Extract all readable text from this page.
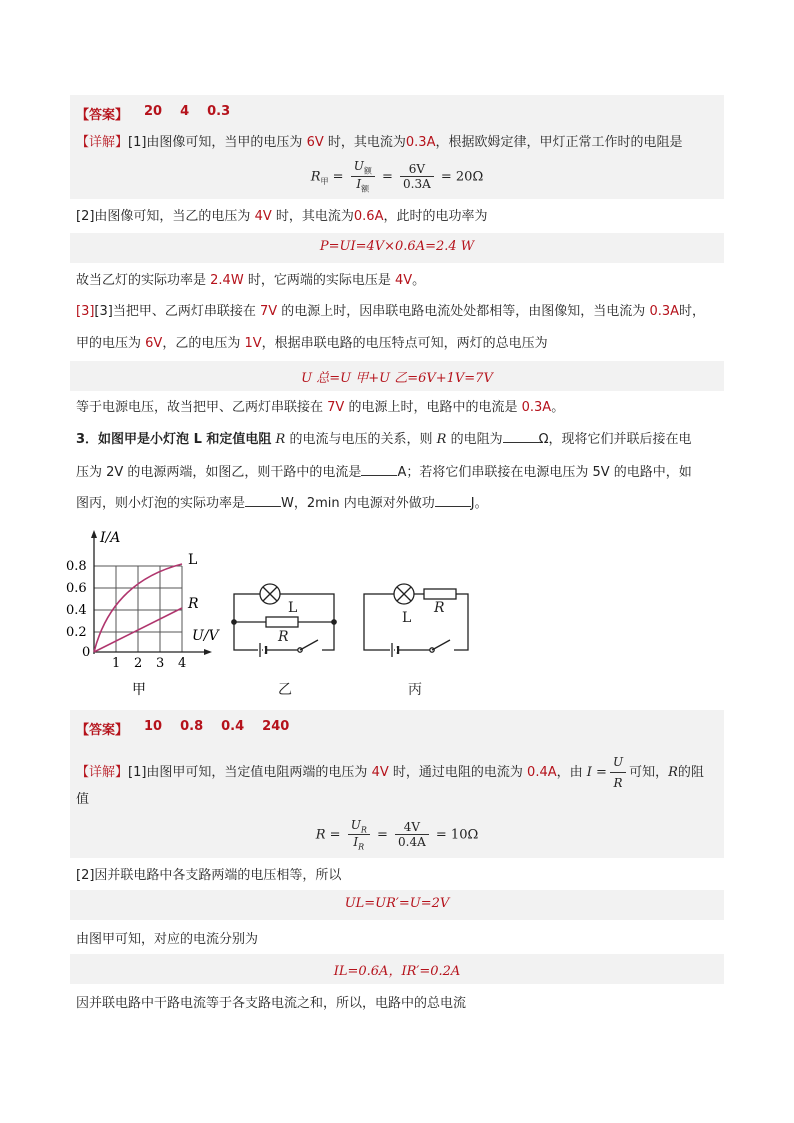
【答案】 20 4 0.3
【详解】[1]由图像可知，当甲的电压为 6V 时，其电流为0.3A，根据欧姆定律，甲灯正常工作时的电阻是
$R_甲 = \frac{U_额}{I_额} = \frac{6V}{0.3A} = 20\Omega$
[2]由图像可知，当乙的电压为 4V 时，其电流为0.6A，此时的电功率为
P=UI=4V×0.6A=2.4 W
故当乙灯的实际功率是 2.4W 时，它两端的实际电压是 4V。
[3][3]当把甲、乙两灯串联接在 7V 的电源上时，因串联电路电流处处都相等，由图像知，当电流为 0.3A时，
甲的电压为 6V，乙的电压为 1V，根据串联电路的电压特点可知，两灯的总电压为
U 总=U 甲+U 乙=6V+1V=7V
等于电源电压，故当把甲、乙两灯串联接在 7V 的电源上时，电路中的电流是 0.3A。
3．如图甲是小灯泡 L 和定值电阻 R 的电流与电压的关系，则 R 的电阻为	Ω，现将它们并联后接在电
压为 2V 的电源两端，如图乙，则干路中的电流是	A；若将它们串联接在电源电压为 5V 的电路中，如
图丙，则小灯泡的实际功率是	W，2min 内电源对外做功	J。
I/A
U/V
0.8
0.6
0.4
0.2
0
1 2 3 4
L
R
甲
L
R
乙
L
R
丙
【答案】 10 0.8 0.4 240
【详解】[1]由图甲可知，当定值电阻两端的电压为 4V 时，通过电阻的电流为 0.4A，由 $I = \frac{U}{R}$ 可知，R的阻
值
$R = \frac{U_R}{I_R} = \frac{4V}{0.4A} = 10\Omega$
[2]因并联电路中各支路两端的电压相等，所以
UL=UR′=U=2V
由图甲可知，对应的电流分别为
IL=0.6A，IR′=0.2A
因并联电路中干路电流等于各支路电流之和，所以，电路中的总电流
